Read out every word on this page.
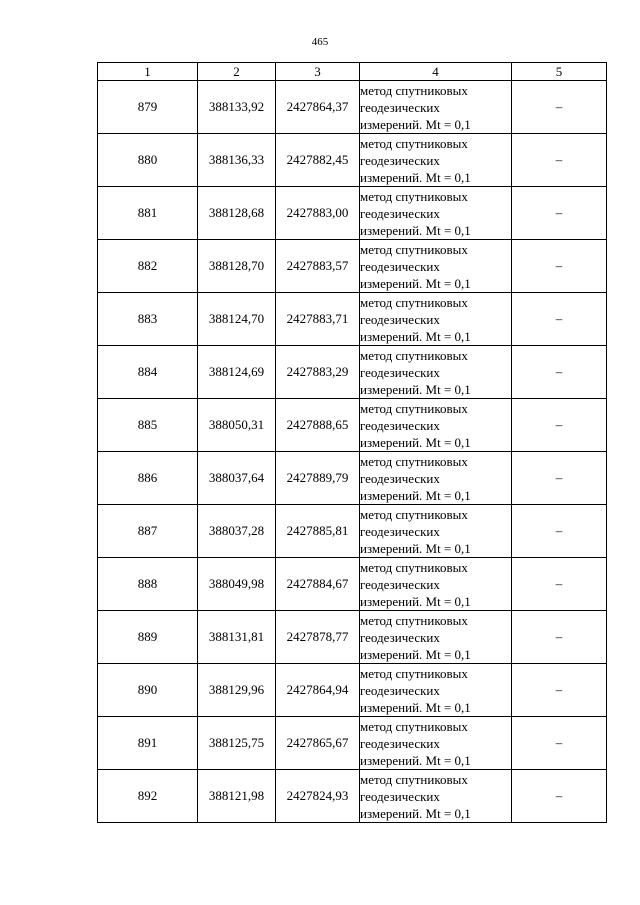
465
1	2	3	4	5
879	388133,92	2427864,37	метод спутниковых
геодезических
измерений. Mt = 0,1	–
880	388136,33	2427882,45	метод спутниковых
геодезических
измерений. Mt = 0,1	–
881	388128,68	2427883,00	метод спутниковых
геодезических
измерений. Mt = 0,1	–
882	388128,70	2427883,57	метод спутниковых
геодезических
измерений. Mt = 0,1	–
883	388124,70	2427883,71	метод спутниковых
геодезических
измерений. Mt = 0,1	–
884	388124,69	2427883,29	метод спутниковых
геодезических
измерений. Mt = 0,1	–
885	388050,31	2427888,65	метод спутниковых
геодезических
измерений. Mt = 0,1	–
886	388037,64	2427889,79	метод спутниковых
геодезических
измерений. Mt = 0,1	–
887	388037,28	2427885,81	метод спутниковых
геодезических
измерений. Mt = 0,1	–
888	388049,98	2427884,67	метод спутниковых
геодезических
измерений. Mt = 0,1	–
889	388131,81	2427878,77	метод спутниковых
геодезических
измерений. Mt = 0,1	–
890	388129,96	2427864,94	метод спутниковых
геодезических
измерений. Mt = 0,1	–
891	388125,75	2427865,67	метод спутниковых
геодезических
измерений. Mt = 0,1	–
892	388121,98	2427824,93	метод спутниковых
геодезических
измерений. Mt = 0,1	–
